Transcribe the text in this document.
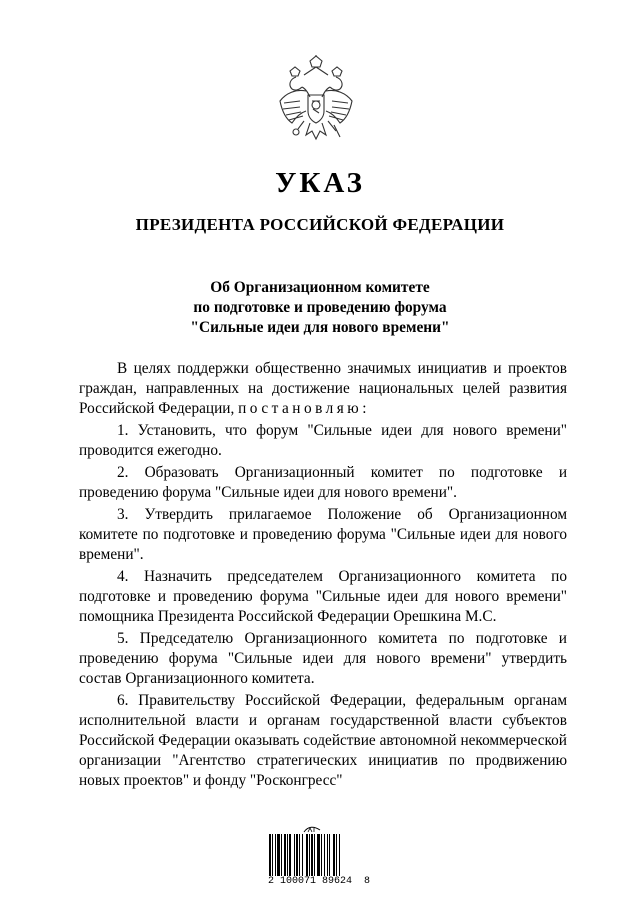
УКАЗ
ПРЕЗИДЕНТА РОССИЙСКОЙ ФЕДЕРАЦИИ
Об Организационном комитете
по подготовке и проведению форума
"Сильные идеи для нового времени"

В целях поддержки общественно значимых инициатив и проектов граждан, направленных на достижение национальных целей развития Российской Федерации, постановляю:

1. Установить, что форум "Сильные идеи для нового времени" проводится ежегодно.

2. Образовать Организационный комитет по подготовке и проведению форума "Сильные идеи для нового времени".

3. Утвердить прилагаемое Положение об Организационном комитете по подготовке и проведению форума "Сильные идеи для нового времени".

4. Назначить председателем Организационного комитета по подготовке и проведению форума "Сильные идеи для нового времени" помощника Президента Российской Федерации Орешкина М.С.

5. Председателю Организационного комитета по подготовке и проведению форума "Сильные идеи для нового времени" утвердить состав Организационного комитета.

6. Правительству Российской Федерации, федеральным органам исполнительной власти и органам государственной власти субъектов Российской Федерации оказывать содействие автономной некоммерческой организации "Агентство стратегических инициатив по продвижению новых проектов" и фонду "Росконгресс"

2 100071 89624  8
